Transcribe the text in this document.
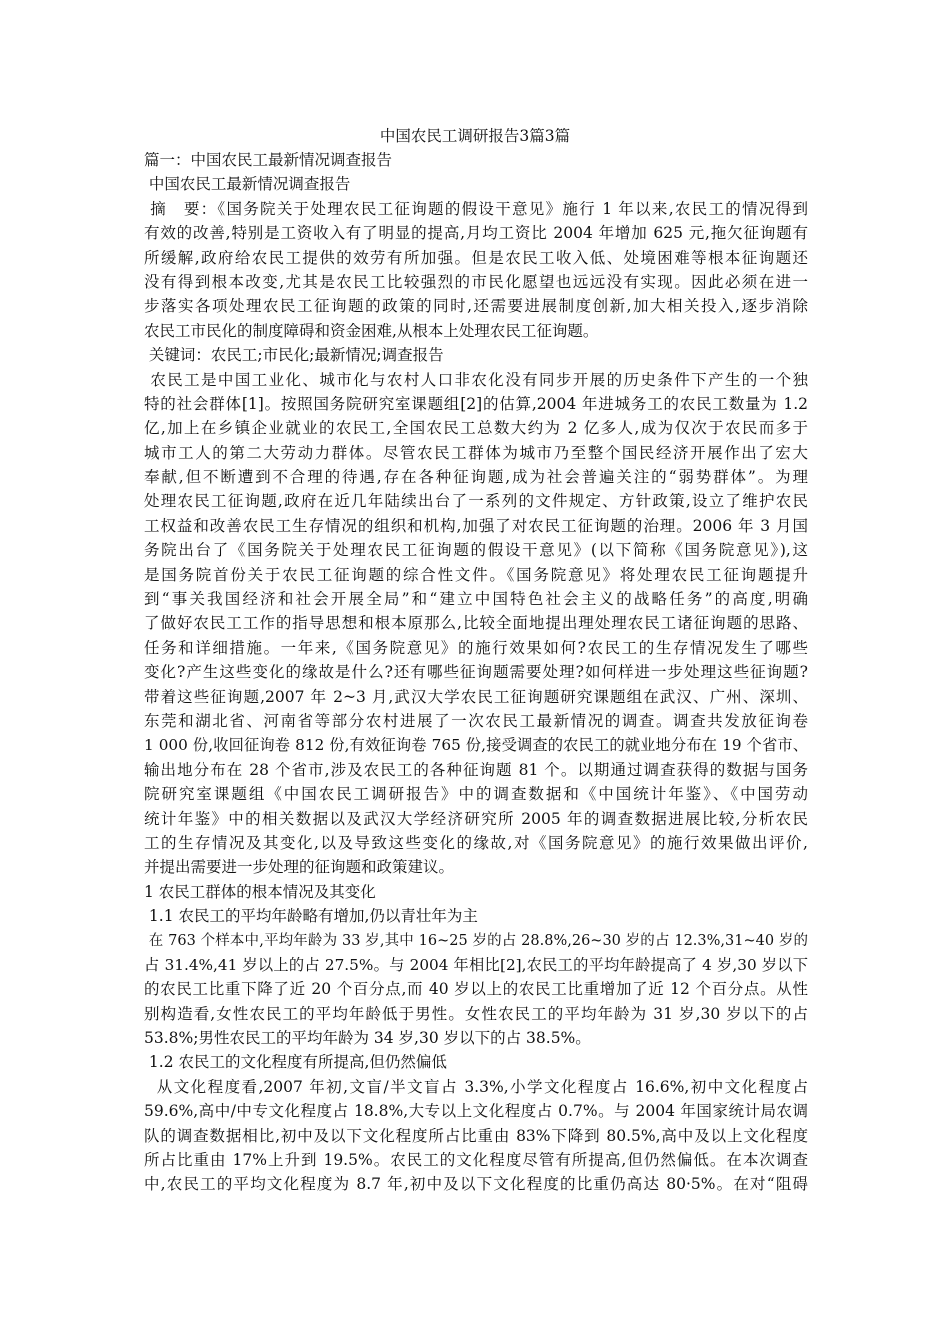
中国农民工调研报告3篇3篇
篇一：中国农民工最新情况调查报告
中国农民工最新情况调查报告
摘　要：《国务院关于处理农民工征询题的假设干意见》施行 1 年以来,农民工的情况得到
有效的改善,特别是工资收入有了明显的提高,月均工资比 2004 年增加 625 元,拖欠征询题有
所缓解,政府给农民工提供的效劳有所加强。但是农民工收入低、处境困难等根本征询题还
没有得到根本改变,尤其是农民工比较强烈的市民化愿望也远远没有实现。因此必须在进一
步落实各项处理农民工征询题的政策的同时,还需要进展制度创新,加大相关投入,逐步消除
农民工市民化的制度障碍和资金困难,从根本上处理农民工征询题。
关键词：农民工;市民化;最新情况;调查报告
农民工是中国工业化、城市化与农村人口非农化没有同步开展的历史条件下产生的一个独
特的社会群体[1]。按照国务院研究室课题组[2]的估算,2004 年进城务工的农民工数量为 1.2
亿,加上在乡镇企业就业的农民工,全国农民工总数大约为 2 亿多人,成为仅次于农民而多于
城市工人的第二大劳动力群体。尽管农民工群体为城市乃至整个国民经济开展作出了宏大
奉献,但不断遭到不合理的待遇,存在各种征询题,成为社会普遍关注的“弱势群体”。为理
处理农民工征询题,政府在近几年陆续出台了一系列的文件规定、方针政策,设立了维护农民
工权益和改善农民工生存情况的组织和机构,加强了对农民工征询题的治理。2006 年 3 月国
务院出台了《国务院关于处理农民工征询题的假设干意见》(以下简称《国务院意见》),这
是国务院首份关于农民工征询题的综合性文件。《国务院意见》将处理农民工征询题提升
到“事关我国经济和社会开展全局”和“建立中国特色社会主义的战略任务”的高度,明确
了做好农民工工作的指导思想和根本原那么,比较全面地提出理处理农民工诸征询题的思路、
任务和详细措施。一年来,《国务院意见》的施行效果如何?农民工的生存情况发生了哪些
变化?产生这些变化的缘故是什么?还有哪些征询题需要处理?如何样进一步处理这些征询题?
带着这些征询题,2007 年 2~3 月,武汉大学农民工征询题研究课题组在武汉、广州、深圳、
东莞和湖北省、河南省等部分农村进展了一次农民工最新情况的调查。调查共发放征询卷
1 000 份,收回征询卷 812 份,有效征询卷 765 份,接受调查的农民工的就业地分布在 19 个省市、
输出地分布在 28 个省市,涉及农民工的各种征询题 81 个。以期通过调查获得的数据与国务
院研究室课题组《中国农民工调研报告》中的调查数据和《中国统计年鉴》、《中国劳动
统计年鉴》中的相关数据以及武汉大学经济研究所 2005 年的调查数据进展比较,分析农民
工的生存情况及其变化,以及导致这些变化的缘故,对《国务院意见》的施行效果做出评价,
并提出需要进一步处理的征询题和政策建议。
1 农民工群体的根本情况及其变化
1.1 农民工的平均年龄略有增加,仍以青壮年为主
在 763 个样本中,平均年龄为 33 岁,其中 16~25 岁的占 28.8%,26~30 岁的占 12.3%,31~40 岁的
占 31.4%,41 岁以上的占 27.5%。与 2004 年相比[2],农民工的平均年龄提高了 4 岁,30 岁以下
的农民工比重下降了近 20 个百分点,而 40 岁以上的农民工比重增加了近 12 个百分点。从性
别构造看,女性农民工的平均年龄低于男性。女性农民工的平均年龄为 31 岁,30 岁以下的占
53.8%;男性农民工的平均年龄为 34 岁,30 岁以下的占 38.5%。
1.2 农民工的文化程度有所提高,但仍然偏低
从文化程度看,2007 年初,文盲/半文盲占 3.3%,小学文化程度占 16.6%,初中文化程度占
59.6%,高中/中专文化程度占 18.8%,大专以上文化程度占 0.7%。与 2004 年国家统计局农调
队的调查数据相比,初中及以下文化程度所占比重由 83%下降到 80.5%,高中及以上文化程度
所占比重由 17%上升到 19.5%。农民工的文化程度尽管有所提高,但仍然偏低。在本次调查
中,农民工的平均文化程度为 8.7 年,初中及以下文化程度的比重仍高达 80·5%。在对“阻碍
